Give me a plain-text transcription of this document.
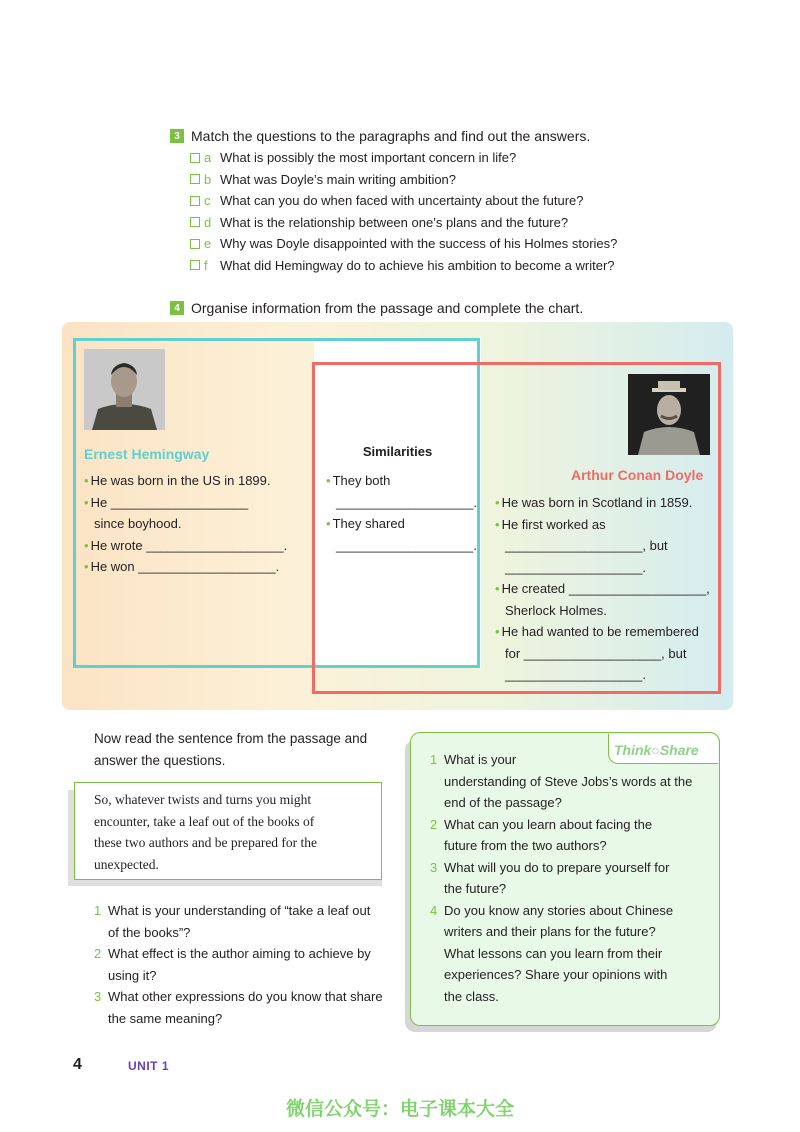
3 Match the questions to the paragraphs and find out the answers.
a What is possibly the most important concern in life?
b What was Doyle’s main writing ambition?
c What can you do when faced with uncertainty about the future?
d What is the relationship between one’s plans and the future?
e Why was Doyle disappointed with the success of his Holmes stories?
f What did Hemingway do to achieve his ambition to become a writer?
4 Organise information from the passage and complete the chart.
Ernest Hemingway
• He was born in the US in 1899.
• He ___________________
since boyhood.
• He wrote ___________________.
• He won ___________________.
Similarities
• They both
___________________.
• They shared
___________________.
Arthur Conan Doyle
• He was born in Scotland in 1859.
• He first worked as
___________________, but
___________________.
• He created ___________________,
Sherlock Holmes.
• He had wanted to be remembered
for ___________________, but
___________________.
Now read the sentence from the passage and
answer the questions.
So, whatever twists and turns you might
encounter, take a leaf out of the books of
these two authors and be prepared for the
unexpected.
1 What is your understanding of “take a leaf out
of the books”?
2 What effect is the author aiming to achieve by
using it?
3 What other expressions do you know that share
the same meaning?
Think○Share
1 What is your
understanding of Steve Jobs’s words at the
end of the passage?
2 What can you learn about facing the
future from the two authors?
3 What will you do to prepare yourself for
the future?
4 Do you know any stories about Chinese
writers and their plans for the future?
What lessons can you learn from their
experiences? Share your opinions with
the class.
4	UNIT 1
微信公众号：电子课本大全
